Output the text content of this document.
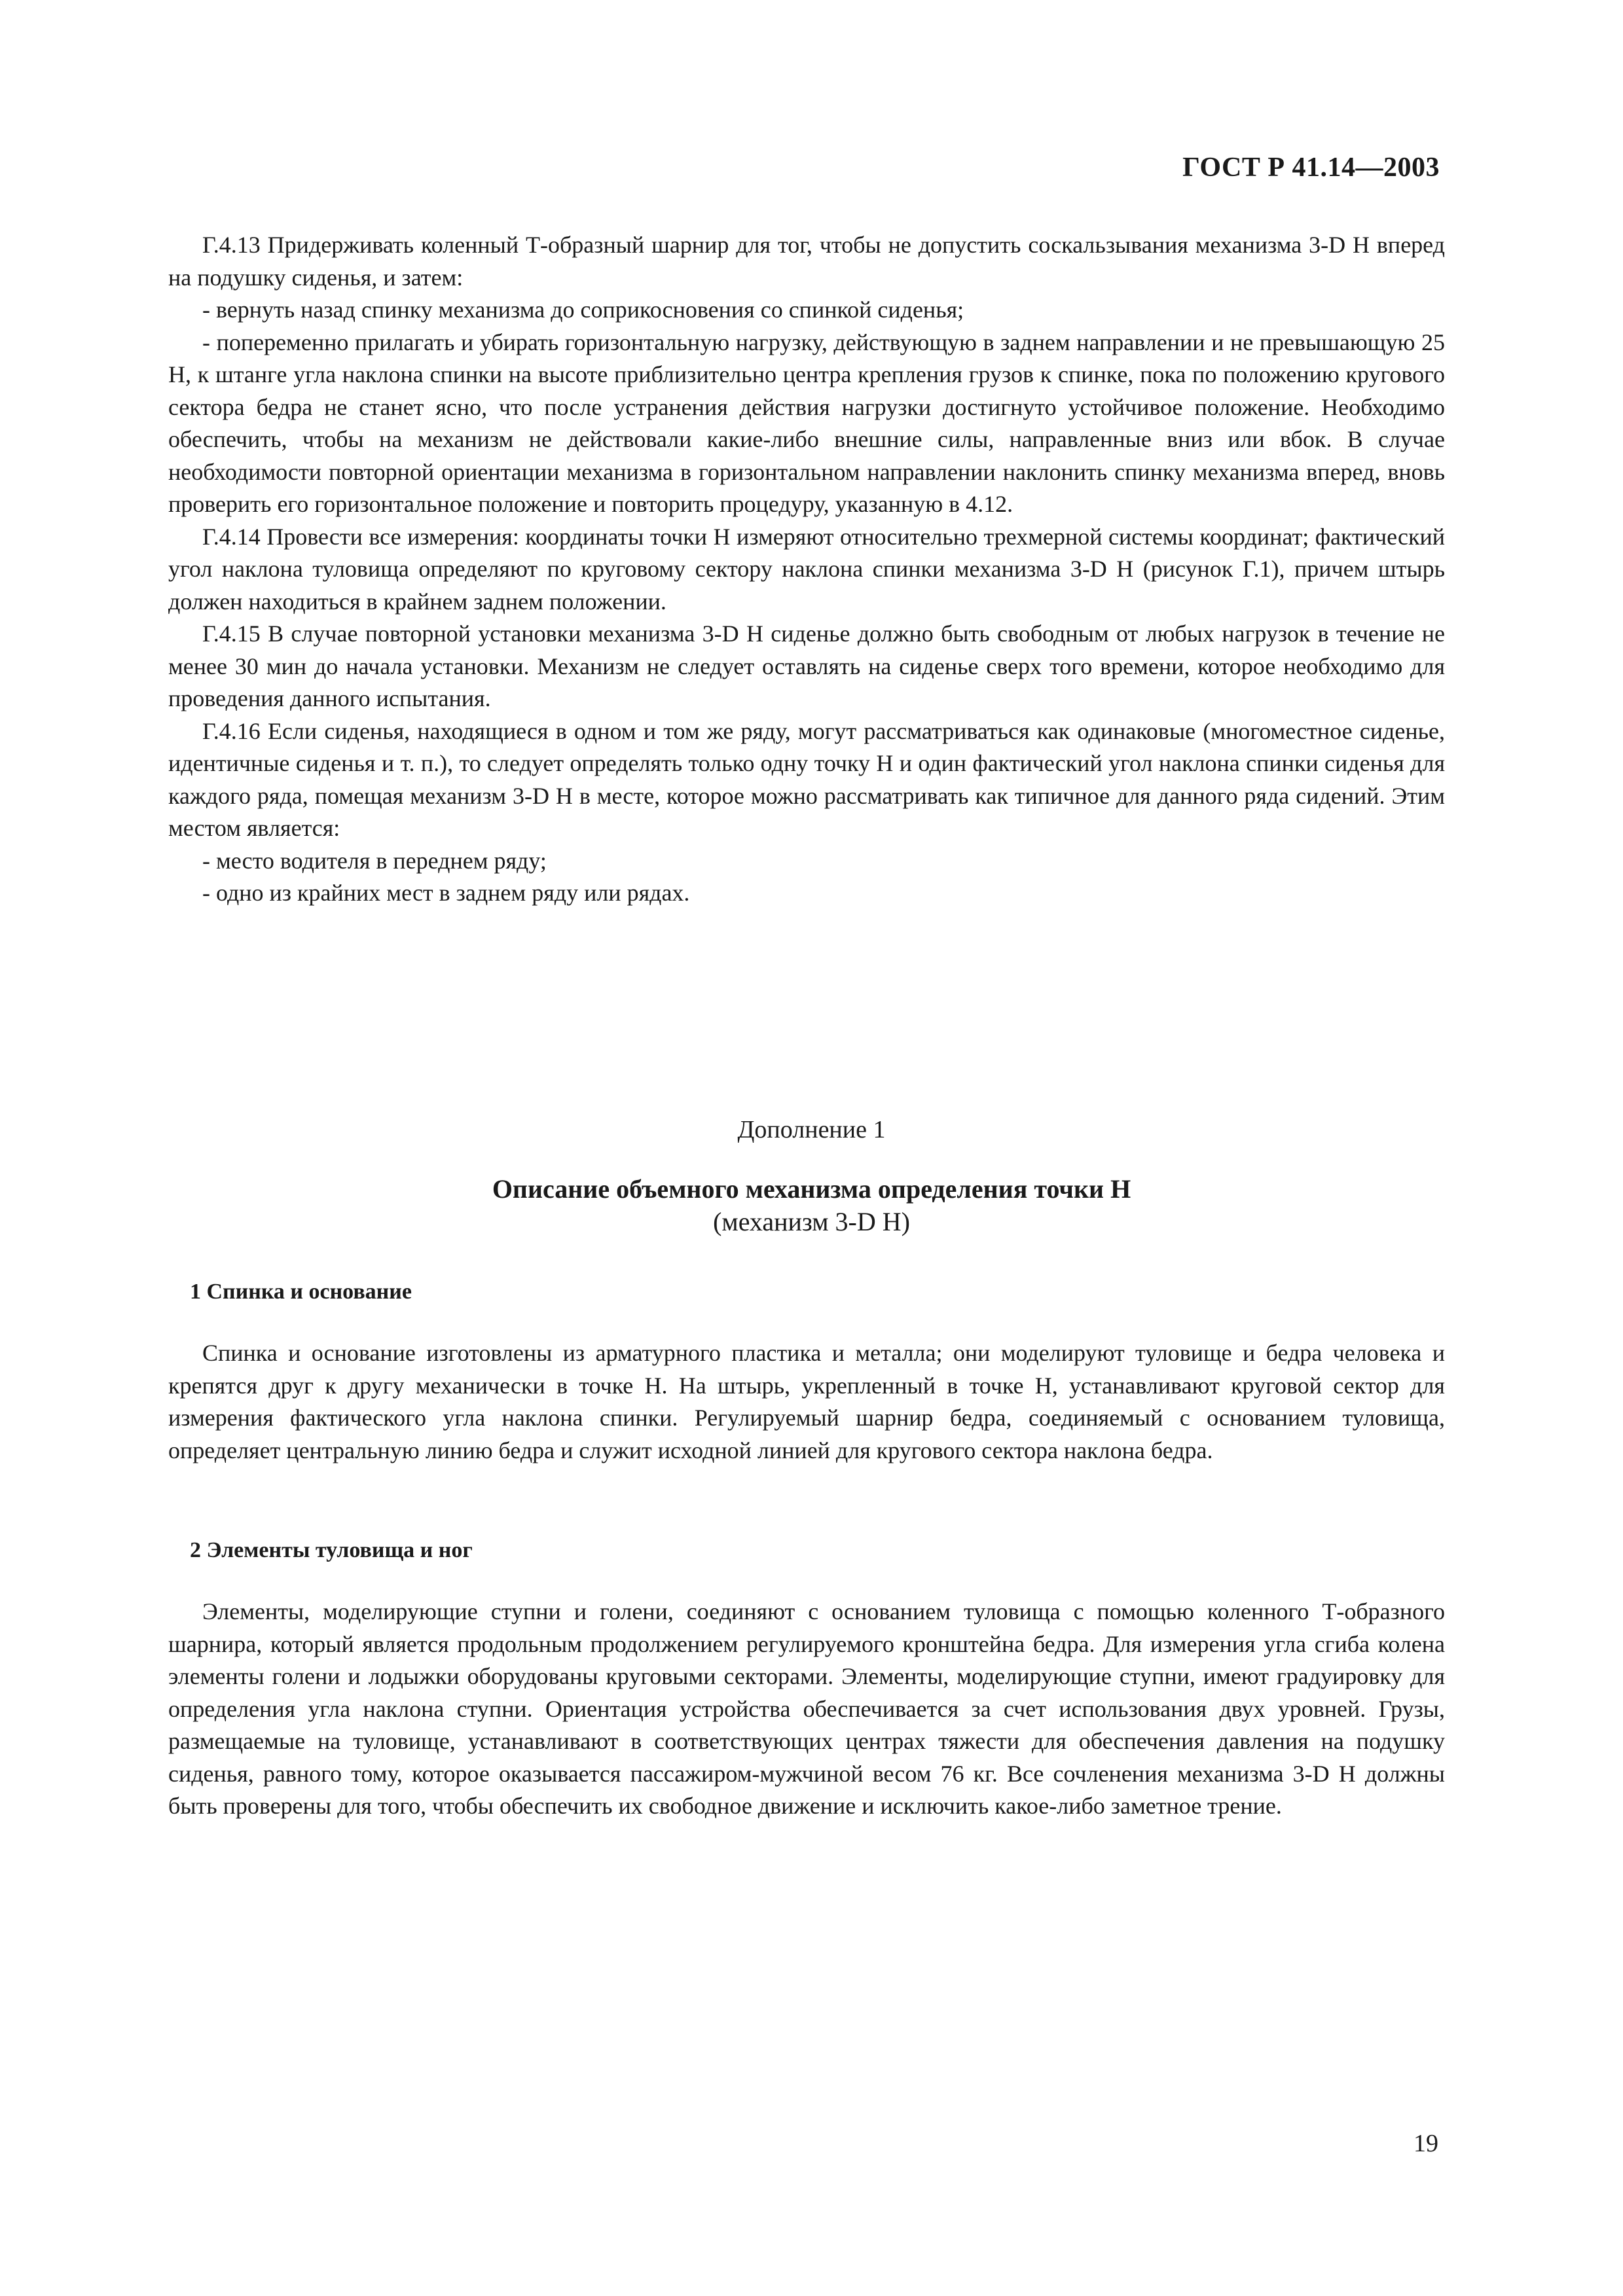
ГОСТ Р 41.14—2003

Г.4.13 Придерживать коленный Т-образный шарнир для тог, чтобы не допустить соскальзывания механизма 3-D H вперед на подушку сиденья, и затем:

- вернуть назад спинку механизма до соприкосновения со спинкой сиденья;

- попеременно прилагать и убирать горизонтальную нагрузку, действующую в заднем направлении и не превышающую 25 Н, к штанге угла наклона спинки на высоте приблизительно центра крепления грузов к спинке, пока по положению кругового сектора бедра не станет ясно, что после устранения действия нагрузки достигнуто устойчивое положение. Необходимо обеспечить, чтобы на механизм не действовали какие-либо внешние силы, направленные вниз или вбок. В случае необходимости повторной ориентации механизма в горизонтальном направлении наклонить спинку механизма вперед, вновь проверить его горизонтальное положение и повторить процедуру, указанную в 4.12.

Г.4.14 Провести все измерения: координаты точки H измеряют относительно трехмерной системы координат; фактический угол наклона туловища определяют по круговому сектору наклона спинки механизма 3-D H (рисунок Г.1), причем штырь должен находиться в крайнем заднем положении.

Г.4.15 В случае повторной установки механизма 3-D H сиденье должно быть свободным от любых нагрузок в течение не менее 30 мин до начала установки. Механизм не следует оставлять на сиденье сверх того времени, которое необходимо для проведения данного испытания.

Г.4.16 Если сиденья, находящиеся в одном и том же ряду, могут рассматриваться как одинаковые (многоместное сиденье, идентичные сиденья и т. п.), то следует определять только одну точку H и один фактический угол наклона спинки сиденья для каждого ряда, помещая механизм 3-D H в месте, которое можно рассматривать как типичное для данного ряда сидений. Этим местом является:

- место водителя в переднем ряду;

- одно из крайних мест в заднем ряду или рядах.

Дополнение 1
Описание объемного механизма определения точки H
(механизм 3-D H)
1 Спинка и основание

Спинка и основание изготовлены из арматурного пластика и металла; они моделируют туловище и бедра человека и крепятся друг к другу механически в точке H. На штырь, укрепленный в точке H, устанавливают круговой сектор для измерения фактического угла наклона спинки. Регулируемый шарнир бедра, соединяемый с основанием туловища, определяет центральную линию бедра и служит исходной линией для кругового сектора наклона бедра.

2 Элементы туловища и ног

Элементы, моделирующие ступни и голени, соединяют с основанием туловища с помощью коленного Т-образного шарнира, который является продольным продолжением регулируемого кронштейна бедра. Для измерения угла сгиба колена элементы голени и лодыжки оборудованы круговыми секторами. Элементы, моделирующие ступни, имеют градуировку для определения угла наклона ступни. Ориентация устройства обеспечивается за счет использования двух уровней. Грузы, размещаемые на туловище, устанавливают в соответствующих центрах тяжести для обеспечения давления на подушку сиденья, равного тому, которое оказывается пассажиром-мужчиной весом 76 кг. Все сочленения механизма 3-D H должны быть проверены для того, чтобы обеспечить их свободное движение и исключить какое-либо заметное трение.

19
